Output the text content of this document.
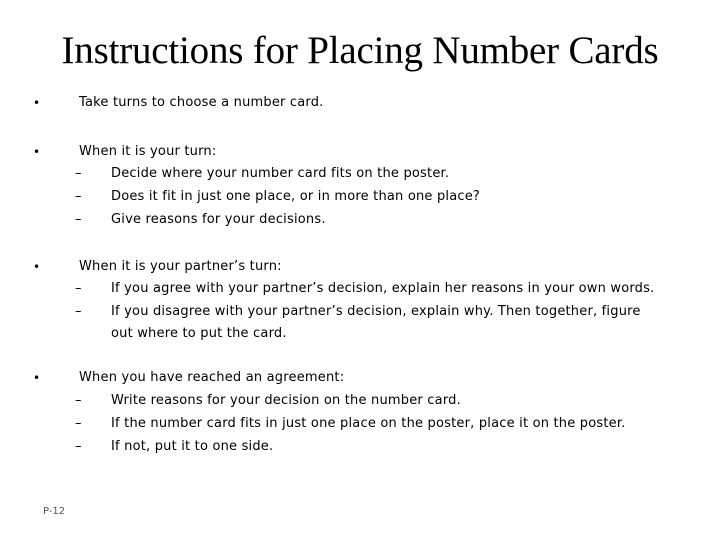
Instructions for Placing Number Cards
•	Take turns to choose a number card.
•	When it is your turn:
– Decide where your number card fits on the poster.
– Does it fit in just one place, or in more than one place?
– Give reasons for your decisions.
•	When it is your partner’s turn:
– If you agree with your partner’s decision, explain her reasons in your own words.
– If you disagree with your partner’s decision, explain why. Then together, figure out where to put the card.
•	When you have reached an agreement:
– Write reasons for your decision on the number card.
– If the number card fits in just one place on the poster, place it on the poster.
– If not, put it to one side.
P-12
